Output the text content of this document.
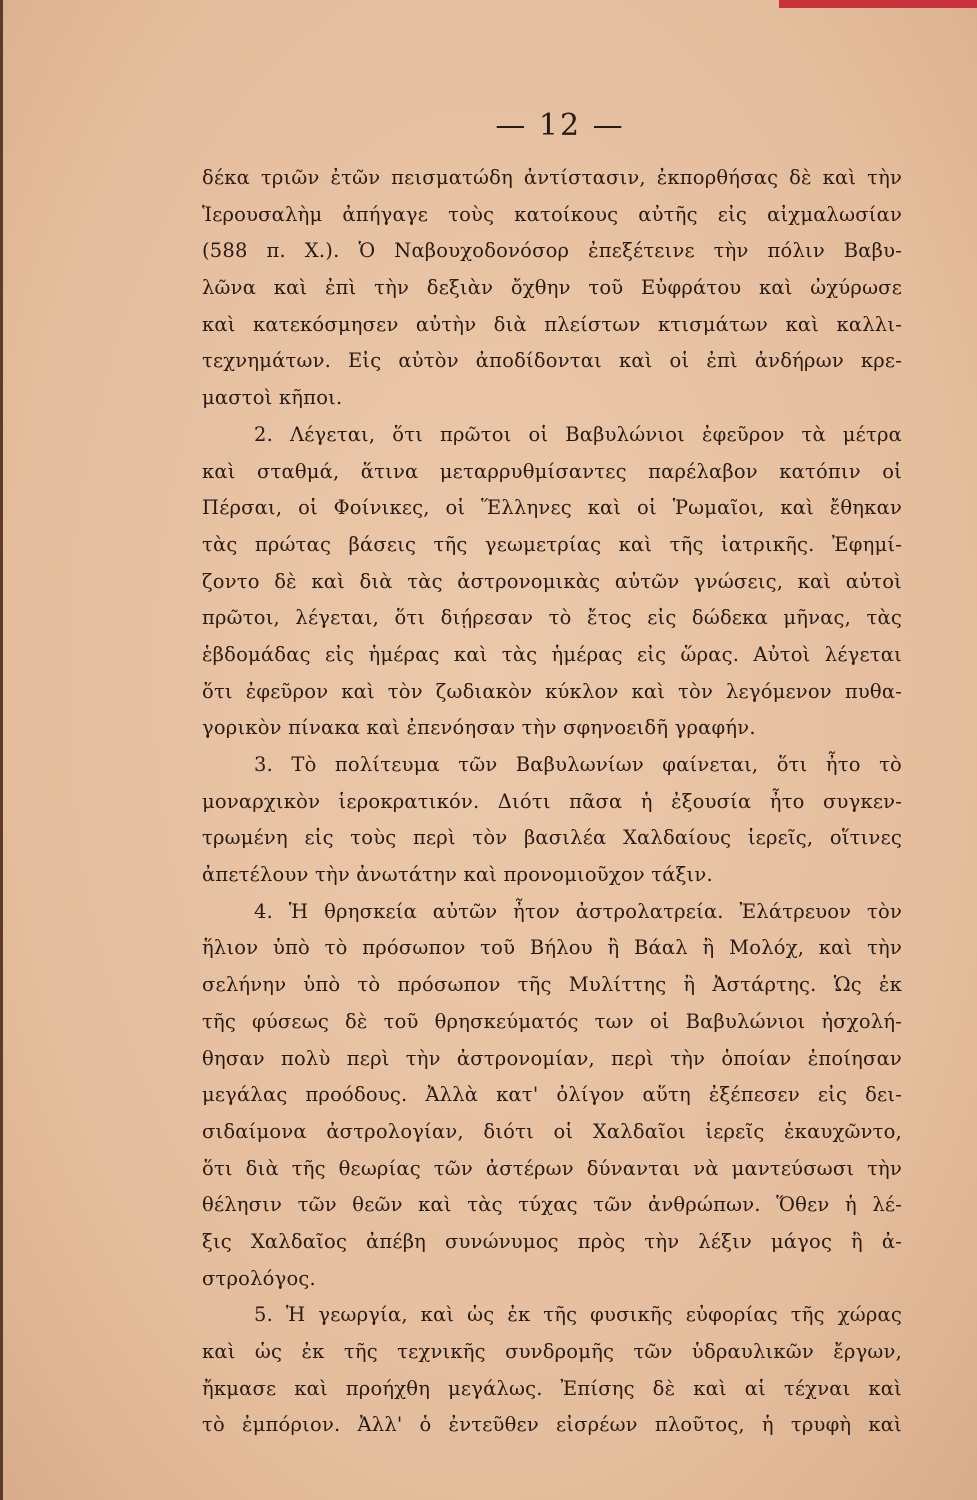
— 12 —
δέκα τριῶν ἐτῶν πεισματώδη ἀντίστασιν, ἐκπορθήσας δὲ καὶ τὴν
Ἱερουσαλὴμ ἀπήγαγε τοὺς κατοίκους αὐτῆς εἰς αἰχμαλωσίαν
(588 π. Χ.). Ὁ Ναβουχοδονόσορ ἐπεξέτεινε τὴν πόλιν Βαβυ-
λῶνα καὶ ἐπὶ τὴν δεξιὰν ὄχθην τοῦ Εὐφράτου καὶ ὠχύρωσε
καὶ κατεκόσμησεν αὐτὴν διὰ πλείστων κτισμάτων καὶ καλλι-
τεχνημάτων. Εἰς αὐτὸν ἀποδίδονται καὶ οἱ ἐπὶ ἀνδήρων κρε-
μαστοὶ κῆποι.
2. Λέγεται, ὅτι πρῶτοι οἱ Βαβυλώνιοι ἐφεῦρον τὰ μέτρα
καὶ σταθμά, ἅτινα μεταρρυθμίσαντες παρέλαβον κατόπιν οἱ
Πέρσαι, οἱ Φοίνικες, οἱ Ἕλληνες καὶ οἱ Ῥωμαῖοι, καὶ ἔθηκαν
τὰς πρώτας βάσεις τῆς γεωμετρίας καὶ τῆς ἰατρικῆς. Ἐφημί-
ζοντο δὲ καὶ διὰ τὰς ἀστρονομικὰς αὐτῶν γνώσεις, καὶ αὐτοὶ
πρῶτοι, λέγεται, ὅτι διῄρεσαν τὸ ἔτος εἰς δώδεκα μῆνας, τὰς
ἑβδομάδας εἰς ἡμέρας καὶ τὰς ἡμέρας εἰς ὥρας. Αὐτοὶ λέγεται
ὅτι ἐφεῦρον καὶ τὸν ζωδιακὸν κύκλον καὶ τὸν λεγόμενον πυθα-
γορικὸν πίνακα καὶ ἐπενόησαν τὴν σφηνοειδῆ γραφήν.
3. Τὸ πολίτευμα τῶν Βαβυλωνίων φαίνεται, ὅτι ἦτο τὸ
μοναρχικὸν ἱεροκρατικόν. Διότι πᾶσα ἡ ἐξουσία ἦτο συγκεν-
τρωμένη εἰς τοὺς περὶ τὸν βασιλέα Χαλδαίους ἱερεῖς, οἵτινες
ἀπετέλουν τὴν ἀνωτάτην καὶ προνομιοῦχον τάξιν.
4. Ἡ θρησκεία αὐτῶν ἦτον ἀστρολατρεία. Ἐλάτρευον τὸν
ἥλιον ὑπὸ τὸ πρόσωπον τοῦ Βήλου ἢ Βάαλ ἢ Μολόχ, καὶ τὴν
σελήνην ὑπὸ τὸ πρόσωπον τῆς Μυλίττης ἢ Ἀστάρτης. Ὡς ἐκ
τῆς φύσεως δὲ τοῦ θρησκεύματός των οἱ Βαβυλώνιοι ἠσχολή-
θησαν πολὺ περὶ τὴν ἀστρονομίαν, περὶ τὴν ὁποίαν ἐποίησαν
μεγάλας προόδους. Ἀλλὰ κατ' ὀλίγον αὕτη ἐξέπεσεν εἰς δει-
σιδαίμονα ἀστρολογίαν, διότι οἱ Χαλδαῖοι ἱερεῖς ἐκαυχῶντο,
ὅτι διὰ τῆς θεωρίας τῶν ἀστέρων δύνανται νὰ μαντεύσωσι τὴν
θέλησιν τῶν θεῶν καὶ τὰς τύχας τῶν ἀνθρώπων. Ὅθεν ἡ λέ-
ξις Χαλδαῖος ἀπέβη συνώνυμος πρὸς τὴν λέξιν μάγος ἢ ἀ-
στρολόγος.
5. Ἡ γεωργία, καὶ ὡς ἐκ τῆς φυσικῆς εὐφορίας τῆς χώρας
καὶ ὡς ἐκ τῆς τεχνικῆς συνδρομῆς τῶν ὑδραυλικῶν ἔργων,
ἤκμασε καὶ προήχθη μεγάλως. Ἐπίσης δὲ καὶ αἱ τέχναι καὶ
τὸ ἐμπόριον. Ἀλλ' ὁ ἐντεῦθεν εἰσρέων πλοῦτος, ἡ τρυφὴ καὶ
